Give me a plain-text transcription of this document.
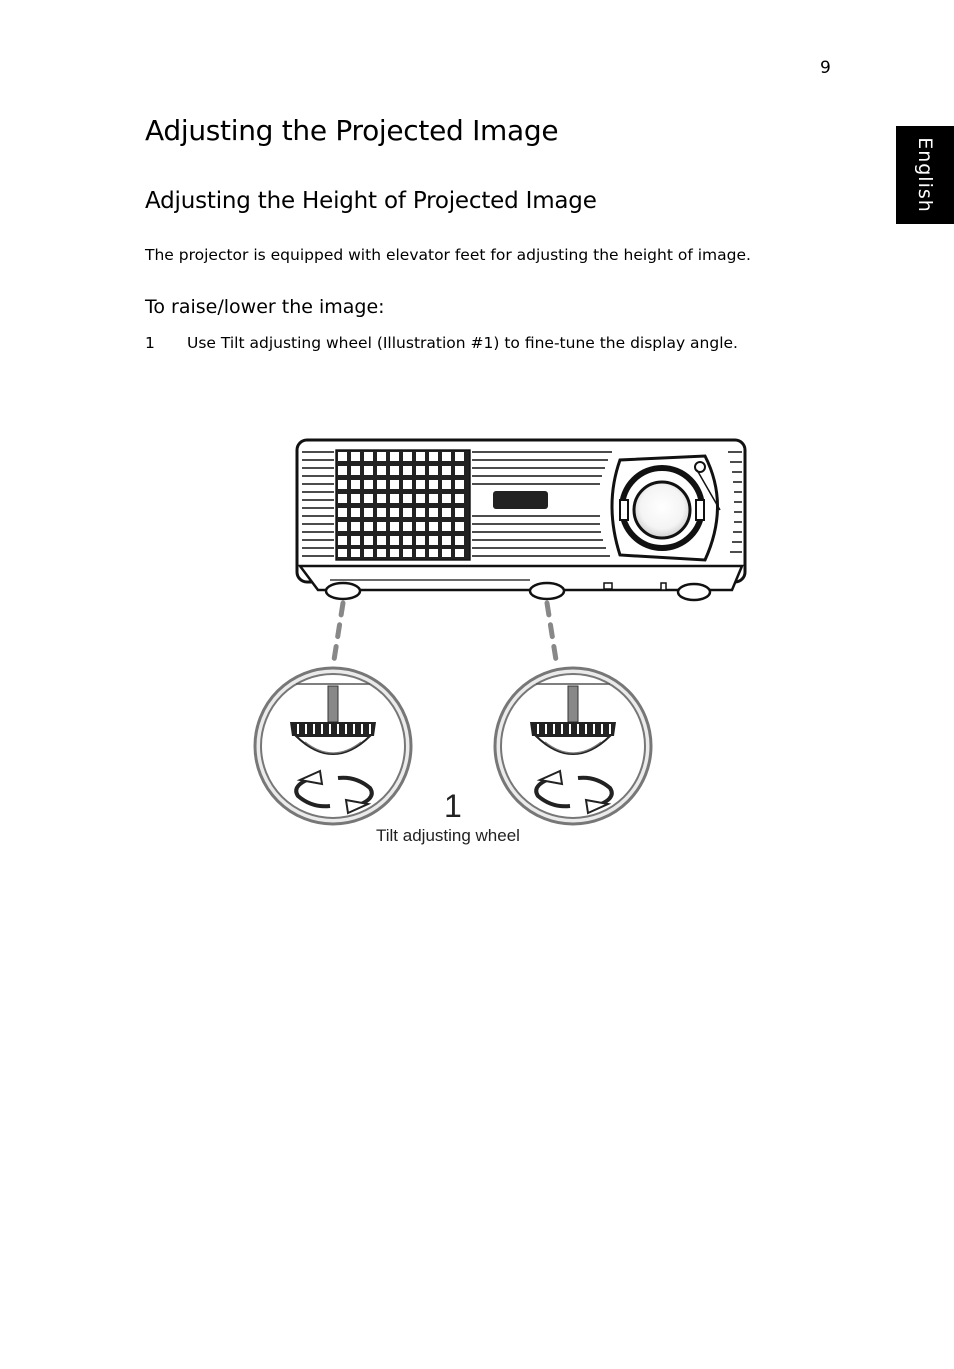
9
English
Adjusting the Projected Image
Adjusting the Height of Projected Image

The projector is equipped with elevator feet for adjusting the height of image.

To raise/lower the image:
1 Use Tilt adjusting wheel (Illustration #1) to fine-tune the display angle.
1
Tilt adjusting wheel
